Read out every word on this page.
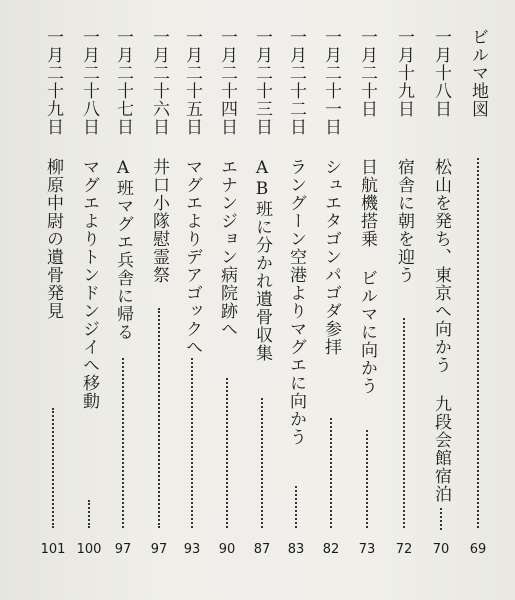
ビルマ地図
69
一月十八日
松山を発ち、東京へ向かう 九段会館宿泊
70
一月十九日
宿舎に朝を迎う
72
一月二十日
日航機搭乗 ビルマに向かう
73
一月二十一日
シュエタゴンパゴダ参拝
82
一月二十二日
ラングーン空港よりマグエに向かう
83
一月二十三日
AB班に分かれ遺骨収集
87
一月二十四日
エナンジョン病院跡へ
90
一月二十五日
マグエよりデアゴックへ
93
一月二十六日
井口小隊慰霊祭
97
一月二十七日
A班マグエ兵舎に帰る
97
一月二十八日
マグエよりトンドンジイへ移動
100
一月二十九日
柳原中尉の遺骨発見
101
